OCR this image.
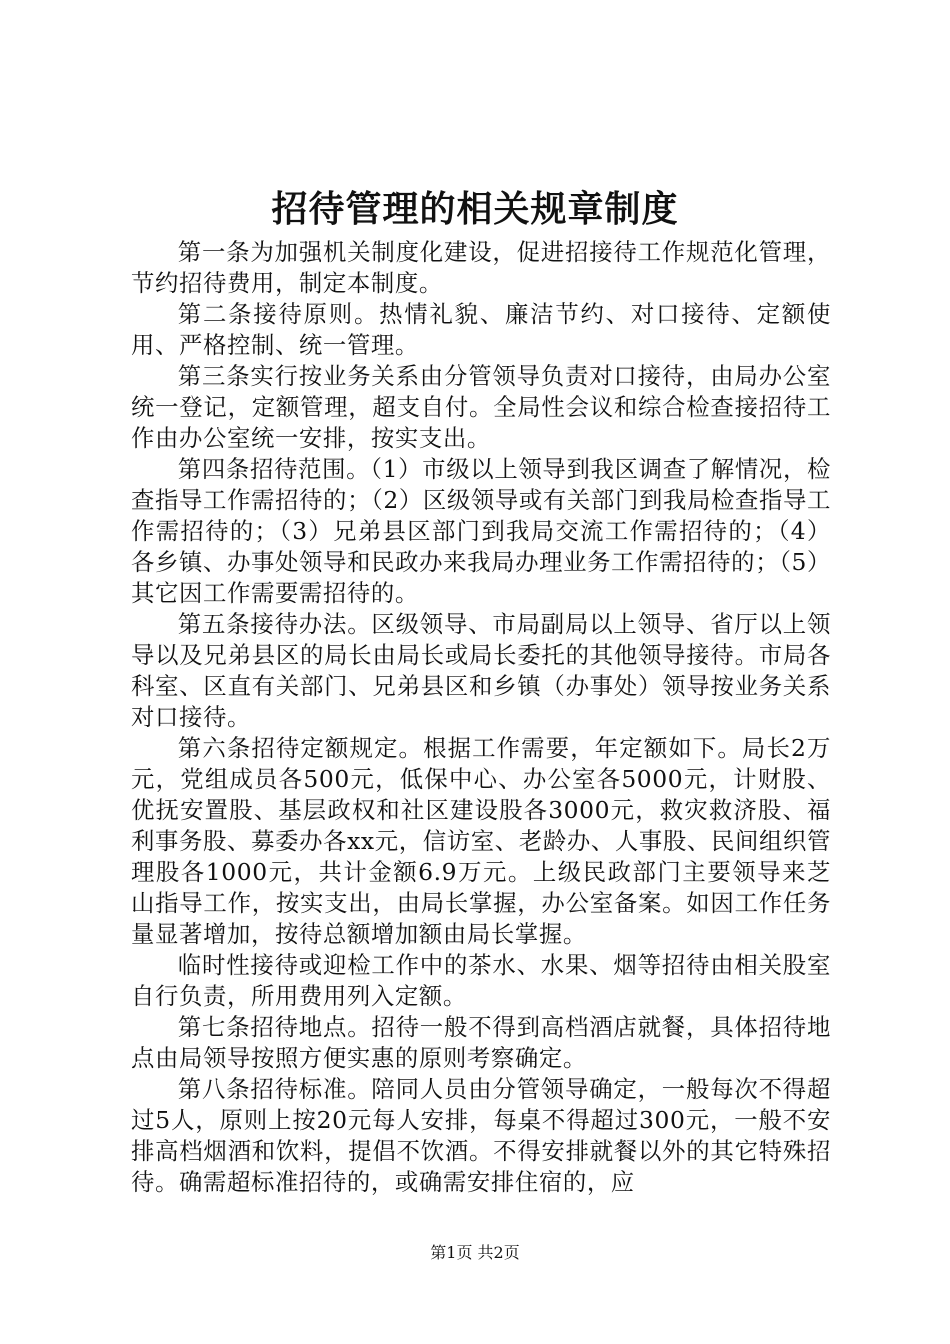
招待管理的相关规章制度

第一条为加强机关制度化建设，促进招接待工作规范化管理，节约招待费用，制定本制度。

第二条接待原则。热情礼貌、廉洁节约、对口接待、定额使用、严格控制、统一管理。

第三条实行按业务关系由分管领导负责对口接待，由局办公室统一登记，定额管理，超支自付。全局性会议和综合检查接招待工作由办公室统一安排，按实支出。

第四条招待范围。（1）市级以上领导到我区调查了解情况，检查指导工作需招待的；（2）区级领导或有关部门到我局检查指导工作需招待的；（3）兄弟县区部门到我局交流工作需招待的；（4）各乡镇、办事处领导和民政办来我局办理业务工作需招待的；（5）其它因工作需要需招待的。

第五条接待办法。区级领导、市局副局以上领导、省厅以上领导以及兄弟县区的局长由局长或局长委托的其他领导接待。市局各科室、区直有关部门、兄弟县区和乡镇（办事处）领导按业务关系对口接待。

第六条招待定额规定。根据工作需要，年定额如下。局长2万元，党组成员各500元，低保中心、办公室各5000元，计财股、优抚安置股、基层政权和社区建设股各3000元，救灾救济股、福利事务股、募委办各xx元，信访室、老龄办、人事股、民间组织管理股各1000元，共计金额6.9万元。上级民政部门主要领导来芝山指导工作，按实支出，由局长掌握，办公室备案。如因工作任务量显著增加，按待总额增加额由局长掌握。

临时性接待或迎检工作中的茶水、水果、烟等招待由相关股室自行负责，所用费用列入定额。

第七条招待地点。招待一般不得到高档酒店就餐，具体招待地点由局领导按照方便实惠的原则考察确定。

第八条招待标准。陪同人员由分管领导确定，一般每次不得超过5人，原则上按20元每人安排，每桌不得超过300元，一般不安排高档烟酒和饮料，提倡不饮酒。不得安排就餐以外的其它特殊招待。确需超标准招待的，或确需安排住宿的，应

第1页 共2页
